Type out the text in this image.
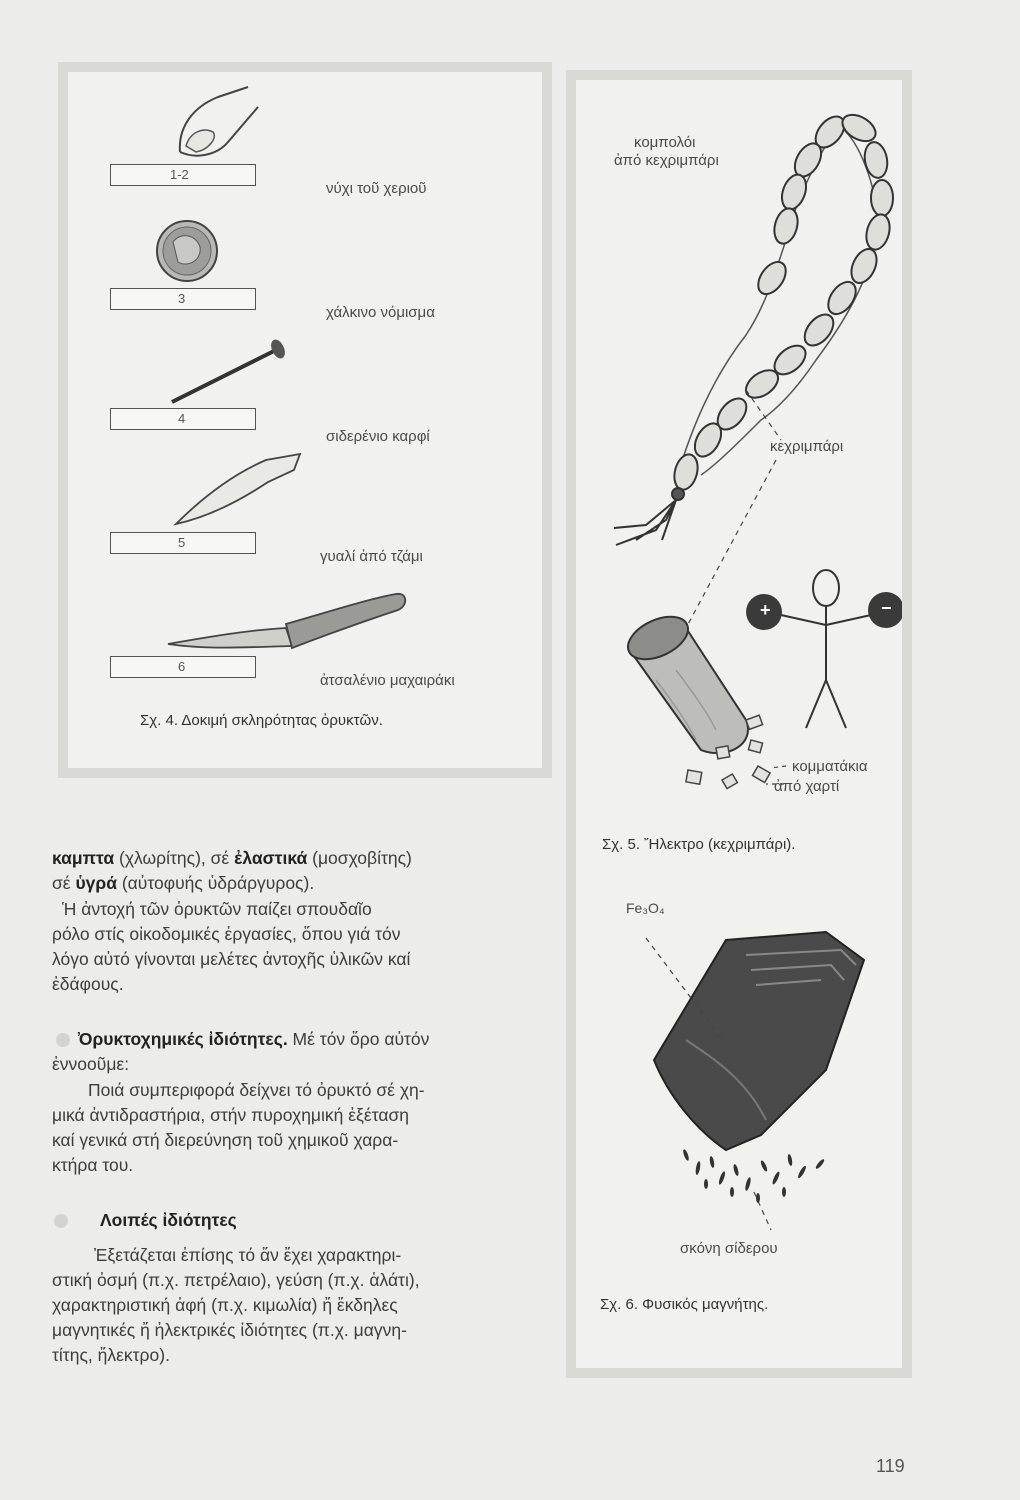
1-2
νύχι τοῦ χεριοῦ
3
χάλκινο νόμισμα
4
σιδερένιο καρφί
5
γυαλί ἀπό τζάμι
6
ἀτσαλένιο μαχαιράκι
Σχ. 4. Δοκιμή σκληρότητας ὀρυκτῶν.
κομπολόι
ἀπό κεχριμπάρι
κεχριμπάρι
+	−
κομματάκια
ἀπό χαρτί
Σχ. 5. Ἤλεκτρο (κεχριμπάρι).
Fe₃O₄
σκόνη σίδερου
Σχ. 6. Φυσικός μαγνήτης.
καμπτα (χλωρίτης), σέ ἐλαστικά (μοσχοβίτης)
σέ ὑγρά (αὐτοφυής ὑδράργυρος).
Ἡ ἀντοχή τῶν ὀρυκτῶν παίζει σπουδαῖο
ρόλο στίς οἰκοδομικές ἐργασίες, ὅπου γιά τόν
λόγο αὐτό γίνονται μελέτες ἀντοχῆς ὑλικῶν καί
ἐδάφους.
Ὀρυκτοχημικές ἰδιότητες. Μέ τόν ὅρο αὐτόν
ἐννοοῦμε:
Ποιά συμπεριφορά δείχνει τό ὀρυκτό σέ χη-
μικά ἀντιδραστήρια, στήν πυροχημική ἐξέταση
καί γενικά στή διερεύνηση τοῦ χημικοῦ χαρα-
κτήρα του.
Λοιπές ἰδιότητες
Ἐξετάζεται ἐπίσης τό ἄν ἔχει χαρακτηρι-
στική ὀσμή (π.χ. πετρέλαιο), γεύση (π.χ. ἁλάτι),
χαρακτηριστική ἀφή (π.χ. κιμωλία) ἤ ἔκδηλες
μαγνητικές ἤ ἠλεκτρικές ἰδιότητες (π.χ. μαγνη-
τίτης, ἤλεκτρο).
119
